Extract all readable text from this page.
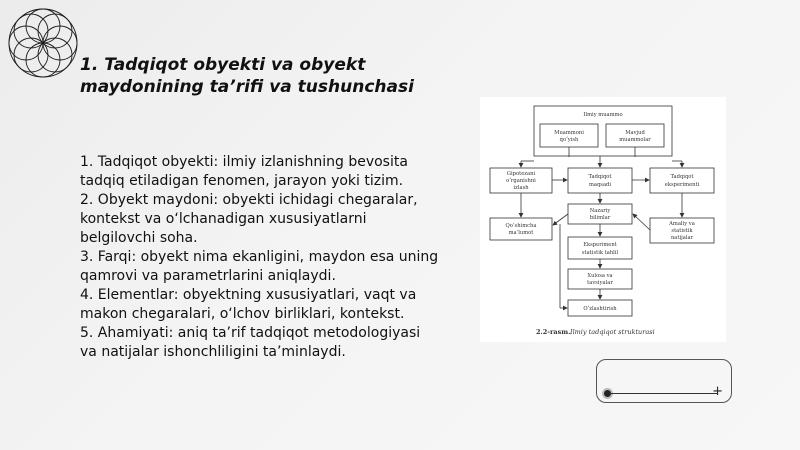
1. Tadqiqot obyekti va obyekt
maydonining ta’rifi va tushunchasi

1. Tadqiqot obyekti: ilmiy izlanishning bevosita tadqiq etiladigan fenomen, jarayon yoki tizim.

2. Obyekt maydoni: obyekti ichidagi chegaralar, kontekst va o‘lchanadigan xususiyatlarni belgilovchi soha.

3. Farqi: obyekt nima ekanligini, maydon esa uning qamrovi va parametrlarini aniqlaydi.

4. Elementlar: obyektning xususiyatlari, vaqt va makon chegaralari, o‘lchov birliklari, kontekst.

5. Ahamiyati: aniq ta’rif tadqiqot metodologiyasi va natijalar ishonchliligini ta’minlaydi.

Ilmiy muammo
Muammoni
qo‘yish
Mavjud
muammolar
Gipotezani
o‘rganishni
izlash
Tadqiqot
maqsadi
Tadqiqot
eksperimenti
Nazariy
bilimlar
Qo‘shimcha
ma’lumot
Amaliy va
statistik
natijalar
Eksperiment
statistik tahlil
Xulosa va
tavsiyalar
O‘zlashtirish
2.2-rasm. Ilmiy tadqiqot strukturasi
+
